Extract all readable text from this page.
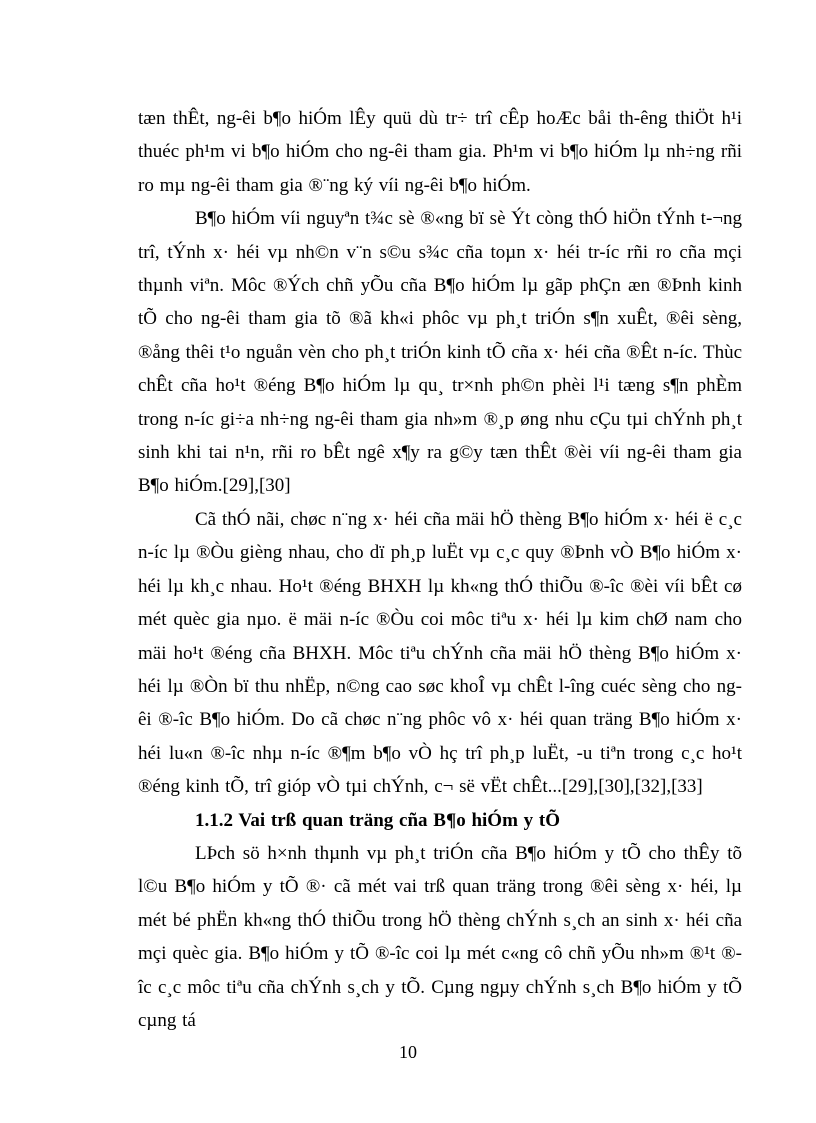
tæn thÊt, ng-êi b¶o hiÓm lÊy quü dù tr÷ trî cÊp hoÆc båi th-êng thiÖt h¹i thuéc ph¹m vi b¶o hiÓm cho ng-êi tham gia. Ph¹m vi b¶o hiÓm lµ nh÷ng rñi ro mµ ng-êi tham gia ®¨ng ký víi ng-êi b¶o hiÓm.

B¶o hiÓm víi nguyªn t¾c sè ®«ng bï sè Ýt còng thÓ hiÖn tÝnh t-¬ng trî, tÝnh x· héi vµ nh©n v¨n s©u s¾c cña toµn x· héi tr-íc rñi ro cña mçi thµnh viªn. Môc ®Ých chñ yÕu cña B¶o hiÓm lµ gãp phÇn æn ®Þnh kinh tÕ cho ng-êi tham gia tõ ®ã kh«i phôc vµ ph¸t triÓn s¶n xuÊt, ®êi sèng, ®ång thêi t¹o nguån vèn cho ph¸t triÓn kinh tÕ cña x· héi cña ®Êt n-íc. Thùc chÊt cña ho¹t ®éng B¶o hiÓm lµ qu¸ tr×nh ph©n phèi l¹i tæng s¶n phÈm trong n-íc gi÷a nh÷ng ng-êi tham gia nh»m ®¸p øng nhu cÇu tµi chÝnh ph¸t sinh khi tai n¹n, rñi ro bÊt ngê x¶y ra g©y tæn thÊt ®èi víi ng-êi tham gia B¶o hiÓm.[29],[30]

Cã thÓ nãi, chøc n¨ng x· héi cña mäi hÖ thèng B¶o hiÓm x· héi ë c¸c n-íc lµ ®Òu gièng nhau, cho dï ph¸p luËt vµ c¸c quy ®Þnh vÒ B¶o hiÓm x· héi lµ kh¸c nhau. Ho¹t ®éng BHXH lµ kh«ng thÓ thiÕu ®-îc ®èi víi bÊt cø mét quèc gia nµo. ë mäi n-íc ®Òu coi môc tiªu x· héi lµ kim chØ nam cho mäi ho¹t ®éng cña BHXH. Môc tiªu chÝnh cña mäi hÖ thèng B¶o hiÓm x· héi lµ ®Òn bï thu nhËp, n©ng cao søc khoÎ vµ chÊt l-îng cuéc sèng cho ng-êi ®-îc B¶o hiÓm. Do cã chøc n¨ng phôc vô x· héi quan träng B¶o hiÓm x· héi lu«n ®-îc nhµ n-íc ®¶m b¶o vÒ hç trî ph¸p luËt, -u tiªn trong c¸c ho¹t ®éng kinh tÕ, trî gióp vÒ tµi chÝnh, c¬ së vËt chÊt...[29],[30],[32],[33]

1.1.2 Vai trß quan träng cña B¶o hiÓm y tÕ

LÞch sö h×nh thµnh vµ ph¸t triÓn cña B¶o hiÓm y tÕ cho thÊy tõ l©u B¶o hiÓm y tÕ ®· cã mét vai trß quan träng trong ®êi sèng x· héi, lµ mét bé phËn kh«ng thÓ thiÕu trong hÖ thèng chÝnh s¸ch an sinh x· héi cña mçi quèc gia. B¶o hiÓm y tÕ ®-îc coi lµ mét c«ng cô chñ yÕu nh»m ®¹t ®-îc c¸c môc tiªu cña chÝnh s¸ch y tÕ. Cµng ngµy chÝnh s¸ch B¶o hiÓm y tÕ cµng tá

10
